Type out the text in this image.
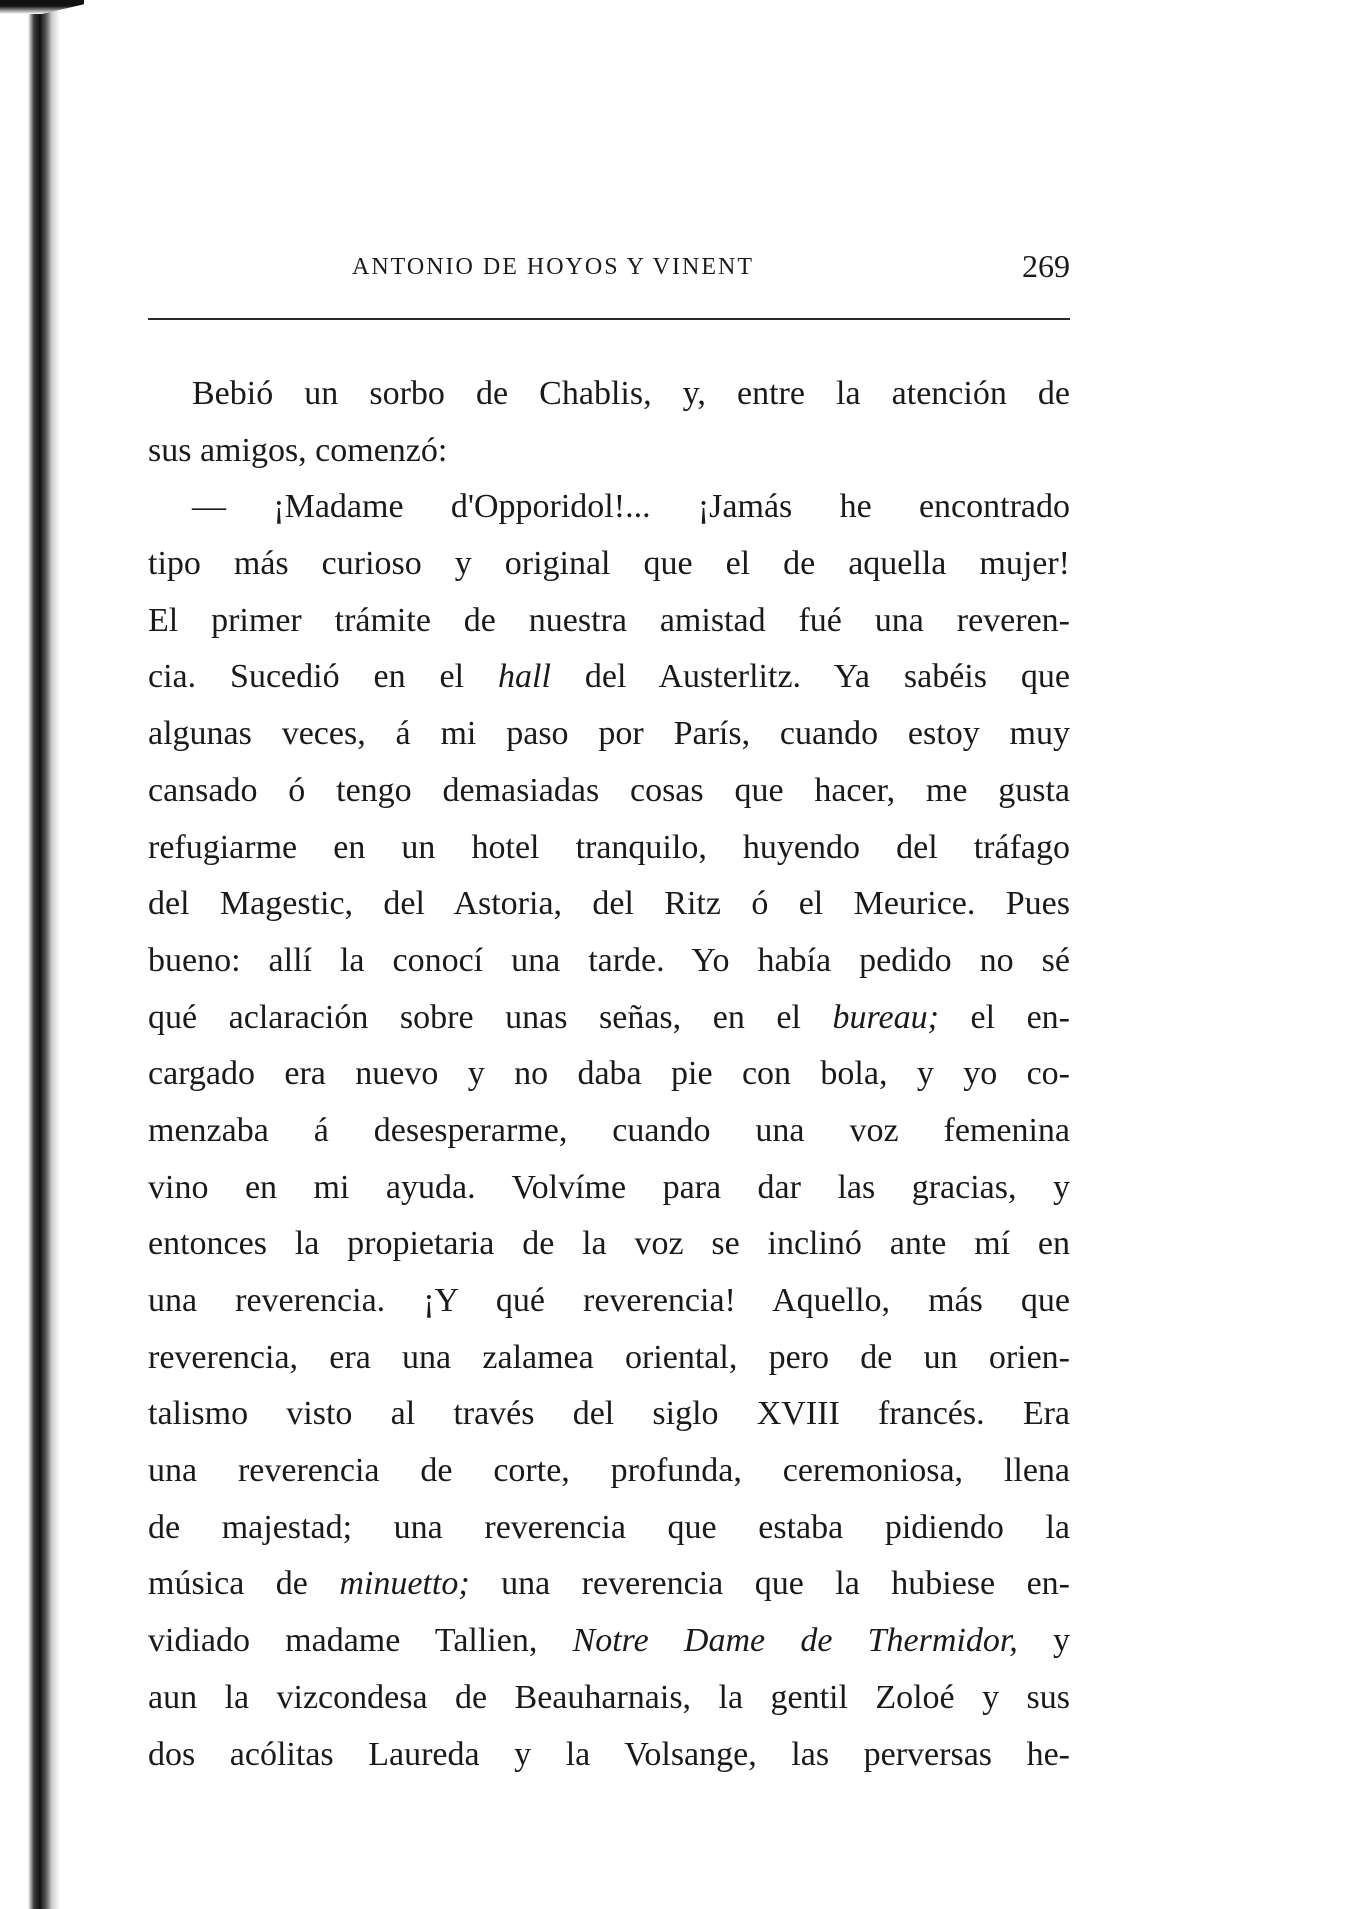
ANTONIO DE HOYOS Y VINENT	269
Bebió un sorbo de Chablis, y, entre la atención de
sus amigos, comenzó:
— ¡Madame d'Opporidol!... ¡Jamás he encontrado
tipo más curioso y original que el de aquella mujer!
El primer trámite de nuestra amistad fué una reveren-
cia. Sucedió en el hall del Austerlitz. Ya sabéis que
algunas veces, á mi paso por París, cuando estoy muy
cansado ó tengo demasiadas cosas que hacer, me gusta
refugiarme en un hotel tranquilo, huyendo del tráfago
del Magestic, del Astoria, del Ritz ó el Meurice. Pues
bueno: allí la conocí una tarde. Yo había pedido no sé
qué aclaración sobre unas señas, en el bureau; el en-
cargado era nuevo y no daba pie con bola, y yo co-
menzaba á desesperarme, cuando una voz femenina
vino en mi ayuda. Volvíme para dar las gracias, y
entonces la propietaria de la voz se inclinó ante mí en
una reverencia. ¡Y qué reverencia! Aquello, más que
reverencia, era una zalamea oriental, pero de un orien-
talismo visto al través del siglo XVIII francés. Era
una reverencia de corte, profunda, ceremoniosa, llena
de majestad; una reverencia que estaba pidiendo la
música de minuetto; una reverencia que la hubiese en-
vidiado madame Tallien, Notre Dame de Thermidor, y
aun la vizcondesa de Beauharnais, la gentil Zoloé y sus
dos acólitas Laureda y la Volsange, las perversas he-
